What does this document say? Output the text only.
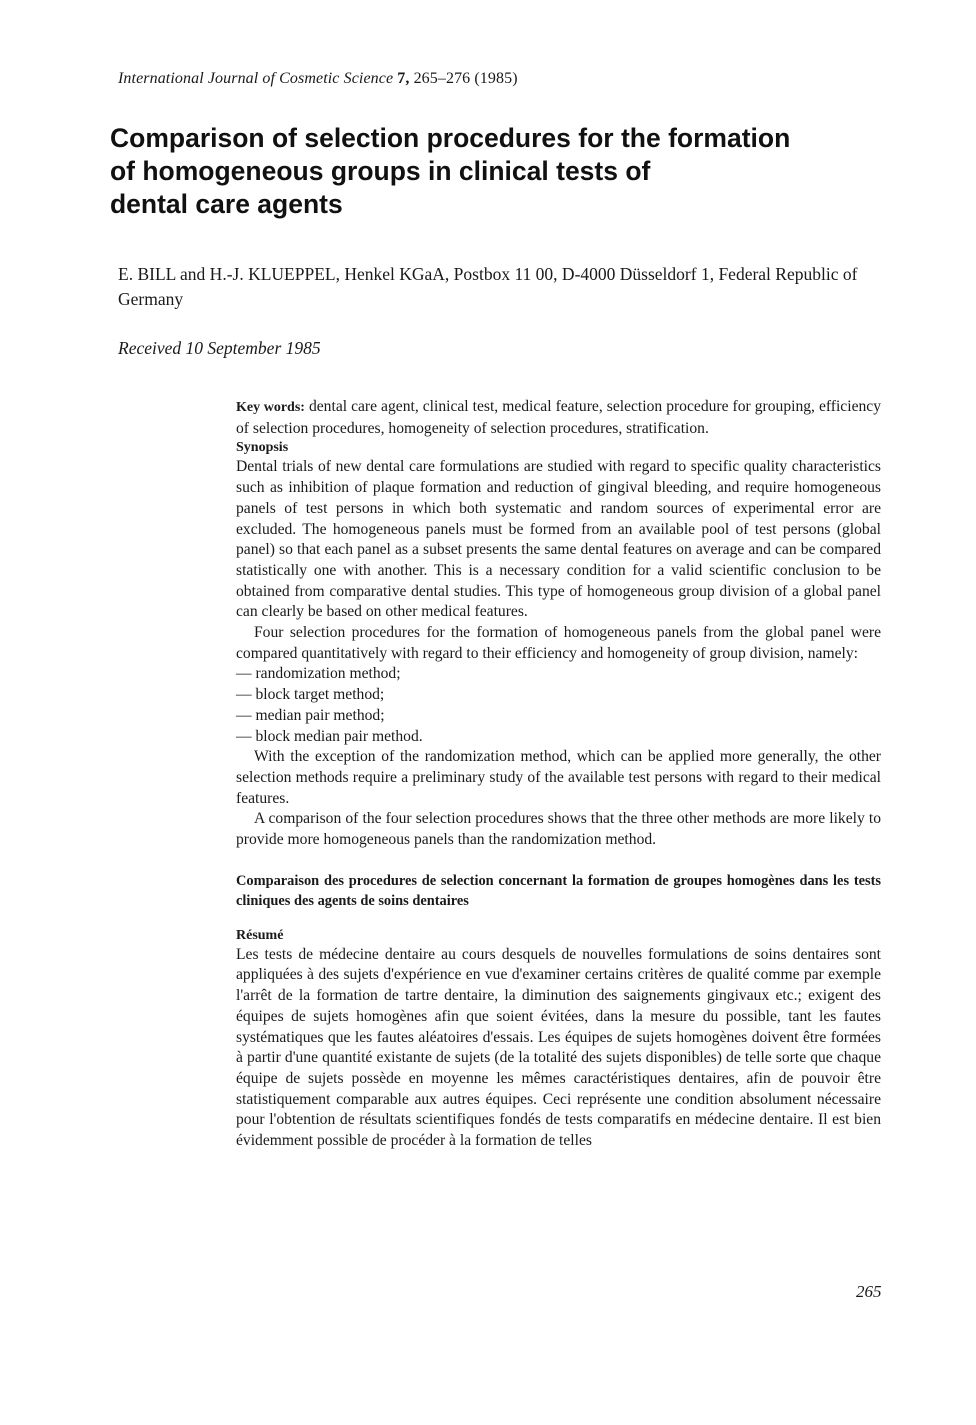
International Journal of Cosmetic Science 7, 265–276 (1985)
Comparison of selection procedures for the formation
of homogeneous groups in clinical tests of
dental care agents
E. BILL and H.-J. KLUEPPEL, Henkel KGaA, Postbox 11 00, D-4000 Düsseldorf 1, Federal Republic of Germany
Received 10 September 1985

Key words: dental care agent, clinical test, medical feature, selection procedure for grouping, efficiency of selection procedures, homogeneity of selection procedures, stratification.

Synopsis

Dental trials of new dental care formulations are studied with regard to specific quality characteristics such as inhibition of plaque formation and reduction of gingival bleeding, and require homogeneous panels of test persons in which both systematic and random sources of experimental error are excluded. The homogeneous panels must be formed from an available pool of test persons (global panel) so that each panel as a subset presents the same dental features on average and can be compared statistically one with another. This is a necessary condition for a valid scientific conclusion to be obtained from comparative dental studies. This type of homogeneous group division of a global panel can clearly be based on other medical features.

Four selection procedures for the formation of homogeneous panels from the global panel were compared quantitatively with regard to their efficiency and homogeneity of group division, namely:

— randomization method;

— block target method;

— median pair method;

— block median pair method.

With the exception of the randomization method, which can be applied more generally, the other selection methods require a preliminary study of the available test persons with regard to their medical features.

A comparison of the four selection procedures shows that the three other methods are more likely to provide more homogeneous panels than the randomization method.

Comparaison des procedures de selection concernant la formation de groupes homogènes dans les tests cliniques des agents de soins dentaires

Résumé

Les tests de médecine dentaire au cours desquels de nouvelles formulations de soins dentaires sont appliquées à des sujets d'expérience en vue d'examiner certains critères de qualité comme par exemple l'arrêt de la formation de tartre dentaire, la diminution des saignements gingivaux etc.; exigent des équipes de sujets homogènes afin que soient évitées, dans la mesure du possible, tant les fautes systématiques que les fautes aléatoires d'essais. Les équipes de sujets homogènes doivent être formées à partir d'une quantité existante de sujets (de la totalité des sujets disponibles) de telle sorte que chaque équipe de sujets possède en moyenne les mêmes caractéristiques dentaires, afin de pouvoir être statistiquement comparable aux autres équipes. Ceci représente une condition absolument nécessaire pour l'obtention de résultats scientifiques fondés de tests comparatifs en médecine dentaire. Il est bien évidemment possible de procéder à la formation de telles

265
